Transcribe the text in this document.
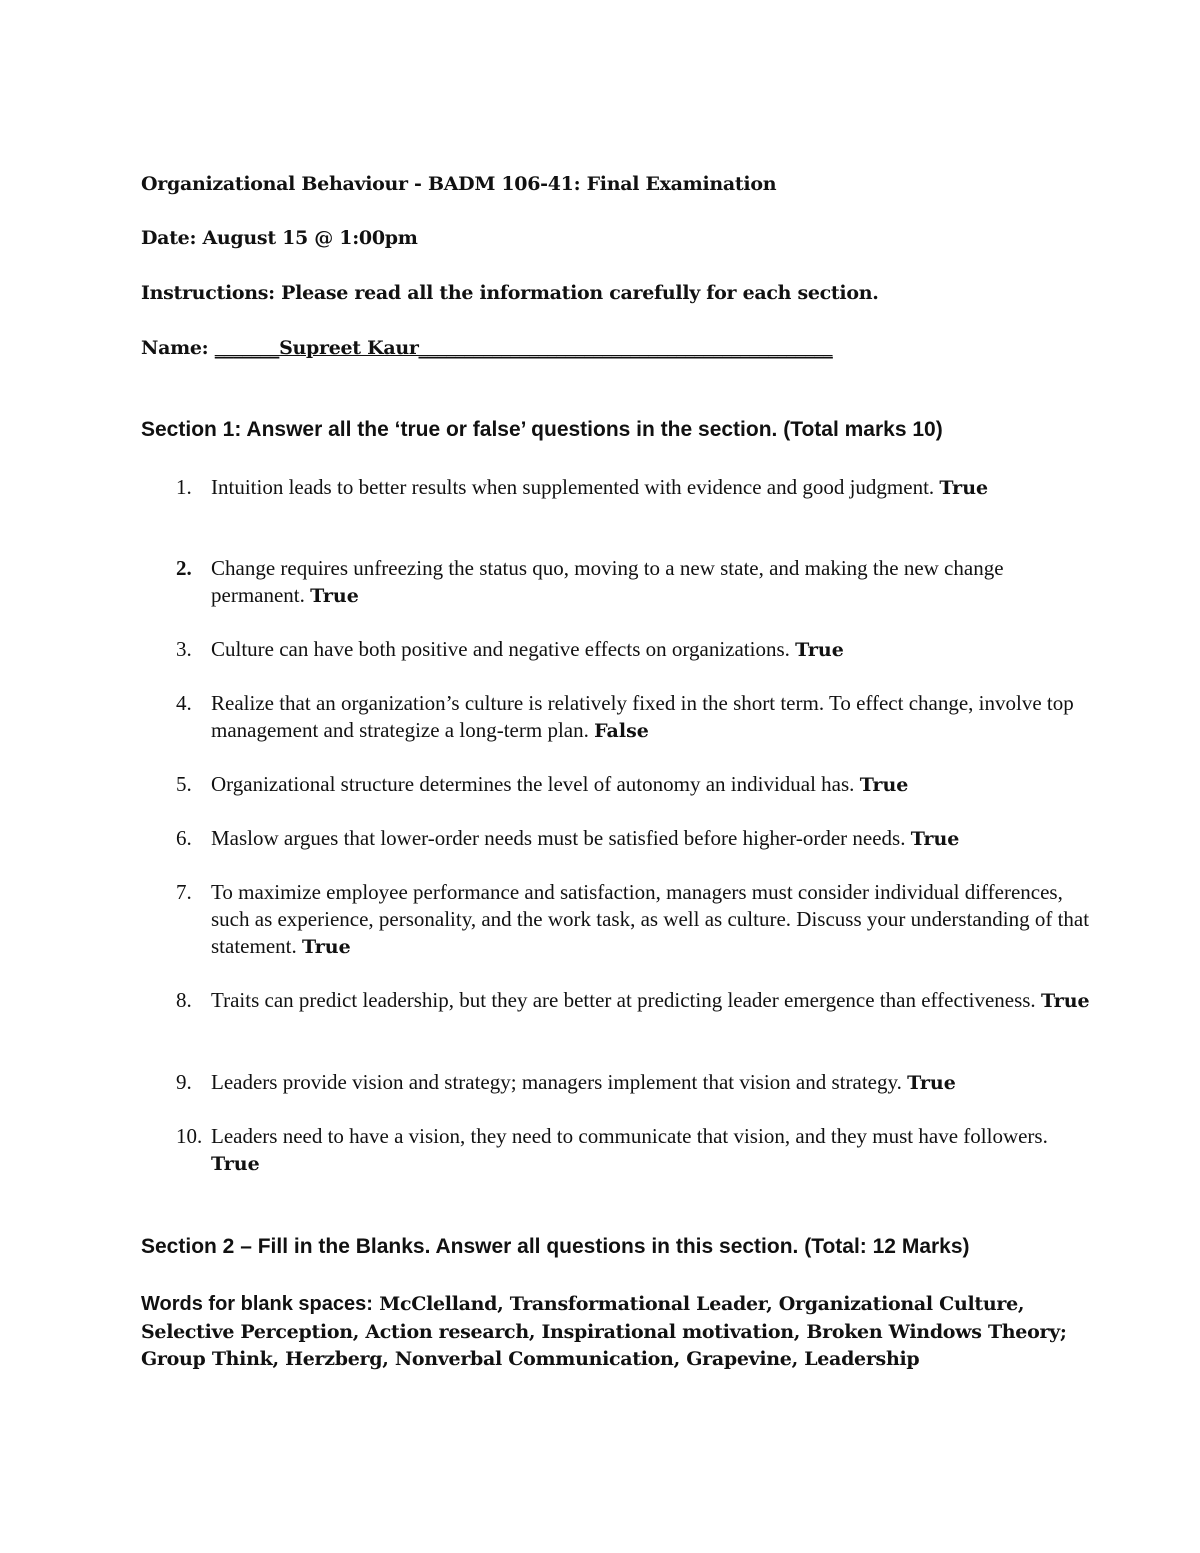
Organizational Behaviour - BADM 106-41: Final Examination

Date: August 15 @ 1:00pm

Instructions: Please read all the information carefully for each section.

Name: _______Supreet Kaur_____________________________________________

Section 1: Answer all the ‘true or false’ questions in the section. (Total marks 10)

1. Intuition leads to better results when supplemented with evidence and good judgment. True
2. Change requires unfreezing the status quo, moving to a new state, and making the new change permanent. True
3. Culture can have both positive and negative effects on organizations. True
4. Realize that an organization’s culture is relatively fixed in the short term. To effect change, involve top management and strategize a long-term plan. False
5. Organizational structure determines the level of autonomy an individual has. True
6. Maslow argues that lower-order needs must be satisfied before higher-order needs. True
7. To maximize employee performance and satisfaction, managers must consider individual differences, such as experience, personality, and the work task, as well as culture. Discuss your understanding of that statement. True
8. Traits can predict leadership, but they are better at predicting leader emergence than effectiveness. True
9. Leaders provide vision and strategy; managers implement that vision and strategy. True
10. Leaders need to have a vision, they need to communicate that vision, and they must have followers. True

Section 2 – Fill in the Blanks. Answer all questions in this section. (Total: 12 Marks)

Words for blank spaces: McClelland, Transformational Leader, Organizational Culture, Selective Perception, Action research, Inspirational motivation, Broken Windows Theory; Group Think, Herzberg, Nonverbal Communication, Grapevine, Leadership
